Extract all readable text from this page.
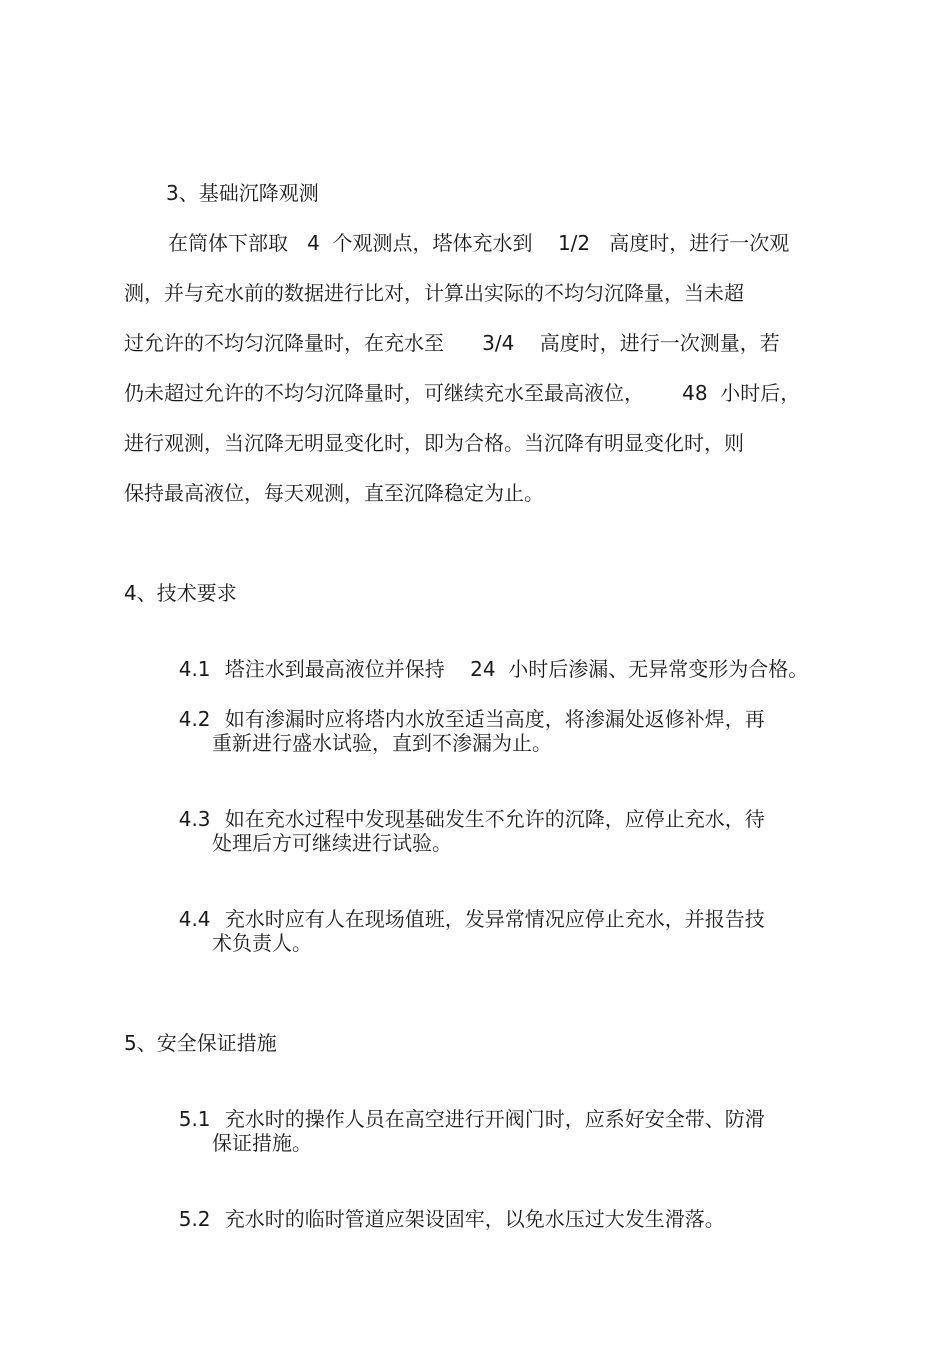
3、基础沉降观测
在筒体下部取   4  个观测点，塔体充水到    1/2   高度时，进行一次观
测，并与充水前的数据进行比对，计算出实际的不均匀沉降量，当未超
过允许的不均匀沉降量时，在充水至      3/4    高度时，进行一次测量，若
仍未超过允许的不均匀沉降量时，可继续充水至最高液位，      48  小时后，
进行观测，当沉降无明显变化时，即为合格。当沉降有明显变化时，则
保持最高液位，每天观测，直至沉降稳定为止。
4、技术要求

4.1 塔注水到最高液位并保持    24  小时后渗漏、无异常变形为合格。

4.2 如有渗漏时应将塔内水放至适当高度，将渗漏处返修补焊，再

重新进行盛水试验，直到不渗漏为止。

4.3 如在充水过程中发现基础发生不允许的沉降，应停止充水，待

处理后方可继续进行试验。

4.4 充水时应有人在现场值班，发异常情况应停止充水，并报告技

术负责人。
5、安全保证措施

5.1 充水时的操作人员在高空进行开阀门时，应系好安全带、防滑

保证措施。

5.2 充水时的临时管道应架设固牢，以免水压过大发生滑落。
